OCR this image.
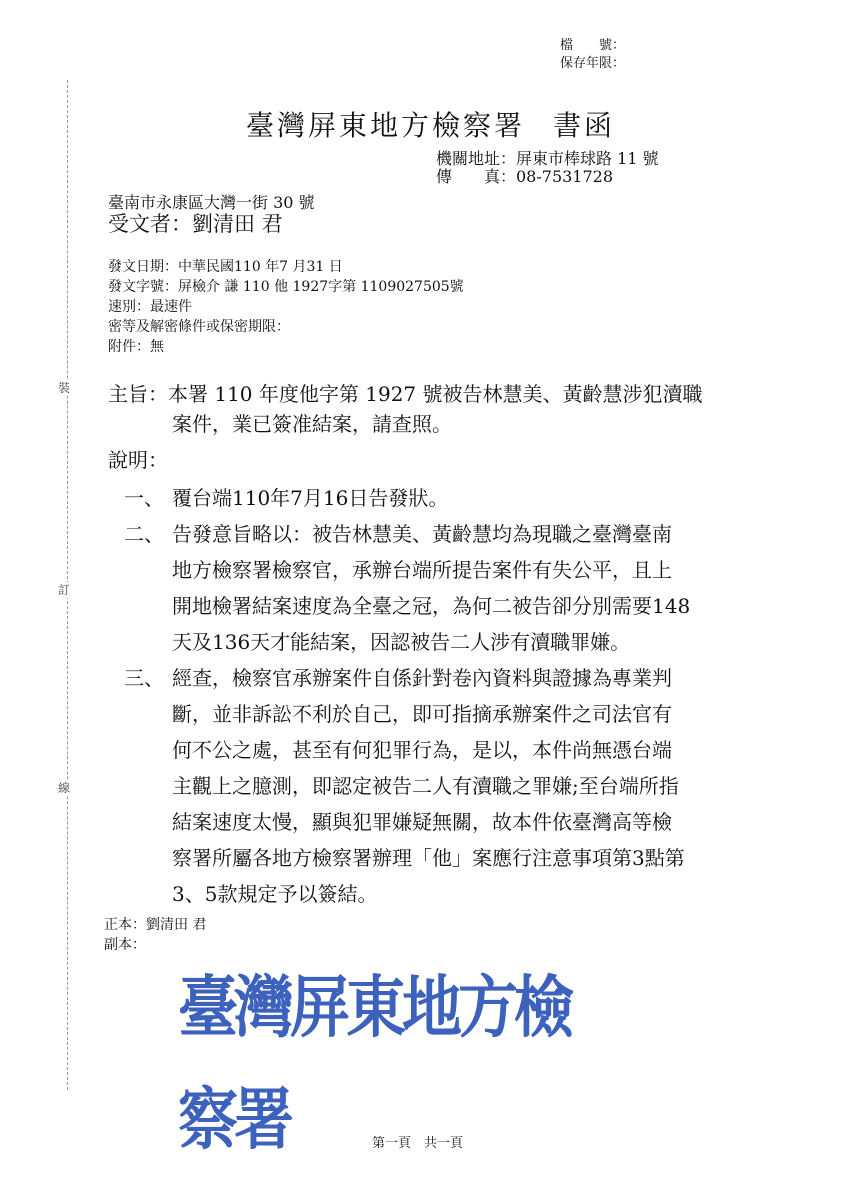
檔　　號：
保存年限：
裝
訂
線
臺灣屏東地方檢察署 書函
機關地址：屏東市棒球路 11 號
傳　　真：08-7531728
臺南市永康區大灣一街 30 號
受文者：劉清田 君
發文日期：中華民國110 年7 月31 日
發文字號：屏檢介 謙 110 他 1927字第 1109027505號
速別：最速件
密等及解密條件或保密期限：
附件：無
主旨：本署 110 年度他字第 1927 號被告林慧美、黃齡慧涉犯瀆職
案件，業已簽准結案，請查照。
說明：
一、 覆台端110年7月16日告發狀。
二、 告發意旨略以：被告林慧美、黃齡慧均為現職之臺灣臺南
地方檢察署檢察官，承辦台端所提告案件有失公平，且上
開地檢署結案速度為全臺之冠，為何二被告卻分別需要148
天及136天才能結案，因認被告二人涉有瀆職罪嫌。
三、 經查，檢察官承辦案件自係針對卷內資料與證據為專業判
斷，並非訴訟不利於自己，即可指摘承辦案件之司法官有
何不公之處，甚至有何犯罪行為，是以，本件尚無憑台端
主觀上之臆測，即認定被告二人有瀆職之罪嫌;至台端所指
結案速度太慢，顯與犯罪嫌疑無關，故本件依臺灣高等檢
察署所屬各地方檢察署辦理「他」案應行注意事項第3點第
3、5款規定予以簽結。
正本：劉清田 君
副本：
臺灣屏東地方檢察署	第一頁　共一頁
